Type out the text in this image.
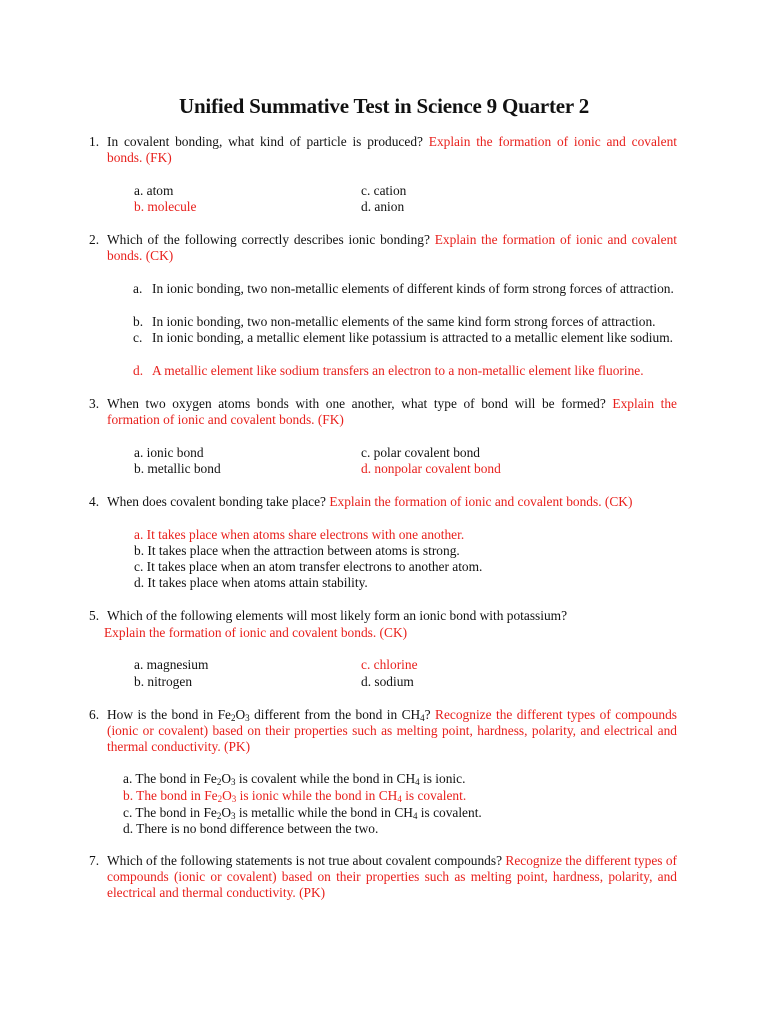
Unified Summative Test in Science 9 Quarter 2
1. In covalent bonding, what kind of particle is produced? Explain the formation of ionic and covalent bonds. (FK)
a. atom
b. molecule
c. cation
d. anion
2. Which of the following correctly describes ionic bonding? Explain the formation of ionic and covalent bonds. (CK)
a. In ionic bonding, two non-metallic elements of different kinds of form strong forces of attraction.
b. In ionic bonding, two non-metallic elements of the same kind form strong forces of attraction.
c. In ionic bonding, a metallic element like potassium is attracted to a metallic element like sodium.
d. A metallic element like sodium transfers an electron to a non-metallic element like fluorine.
3. When two oxygen atoms bonds with one another, what type of bond will be formed? Explain the formation of ionic and covalent bonds. (FK)
a. ionic bond
b. metallic bond
c. polar covalent bond
d. nonpolar covalent bond
4. When does covalent bonding take place? Explain the formation of ionic and covalent bonds. (CK)
a. It takes place when atoms share electrons with one another.
b. It takes place when the attraction between atoms is strong.
c. It takes place when an atom transfer electrons to another atom.
d. It takes place when atoms attain stability.
5. Which of the following elements will most likely form an ionic bond with potassium?
Explain the formation of ionic and covalent bonds. (CK)
a. magnesium
b. nitrogen
c. chlorine
d. sodium
6. How is the bond in $Fe_2O_3$ different from the bond in $CH_4$? Recognize the different types of compounds (ionic or covalent) based on their properties such as melting point, hardness, polarity, and electrical and thermal conductivity. (PK)
a. The bond in $Fe_2O_3$ is covalent while the bond in $CH_4$ is ionic.
b. The bond in $Fe_2O_3$ is ionic while the bond in $CH_4$ is covalent.
c. The bond in $Fe_2O_3$ is metallic while the bond in $CH_4$ is covalent.
d. There is no bond difference between the two.
7. Which of the following statements is not true about covalent compounds? Recognize the different types of compounds (ionic or covalent) based on their properties such as melting point, hardness, polarity, and electrical and thermal conductivity. (PK)
